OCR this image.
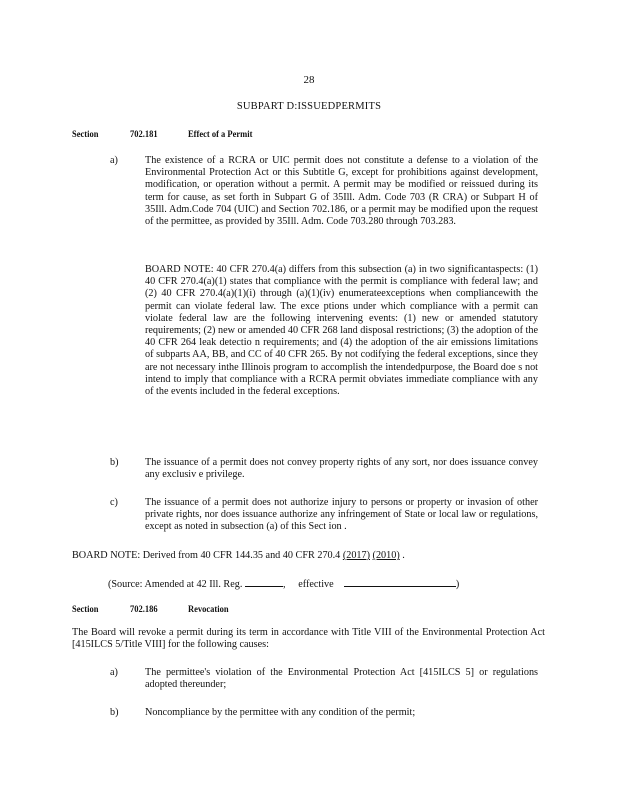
28
SUBPART D:ISSUEDPERMITS
Section	702.181	Effect of a Permit
a)	The existence of a RCRA or UIC permit does not constitute a defense to a violation of the Environmental Protection Act or this Subtitle G, except for prohibitions against development, modification, or operation without a permit. A permit may be modified or reissued during its term for cause, as set forth in Subpart G of 35Ill. Adm. Code 703 (R CRA) or Subpart H of 35Ill. Adm.Code 704 (UIC) and Section 702.186, or a permit may be modified upon the request of the permittee, as provided by 35Ill. Adm. Code 703.280 through 703.283.
BOARD NOTE: 40 CFR 270.4(a) differs from this subsection (a) in two significantaspects: (1) 40 CFR 270.4(a)(1) states that compliance with the permit is compliance with federal law; and (2) 40 CFR 270.4(a)(1)(i) through (a)(1)(iv) enumerateexceptions when compliancewith the permit can violate federal law. The exce ptions under which compliance with a permit can violate federal law are the following intervening events: (1) new or amended statutory requirements; (2) new or amended 40 CFR 268 land disposal restrictions; (3) the adoption of the 40 CFR 264 leak detectio n requirements; and (4) the adoption of the air emissions limitations of subparts AA, BB, and CC of 40 CFR 265. By not codifying the federal exceptions, since they are not necessary inthe Illinois program to accomplish the intendedpurpose, the Board doe s not intend to imply that compliance with a RCRA permit obviates immediate compliance with any of the events included in the federal exceptions.
b)	The issuance of a permit does not convey property rights of any sort, nor does issuance convey any exclusiv e privilege.
c)	The issuance of a permit does not authorize injury to persons or property or invasion of other private rights, nor does issuance authorize any infringement of State or local law or regulations, except as noted in subsection (a) of this Sect ion .
BOARD NOTE: Derived from 40 CFR 144.35 and 40 CFR 270.4 (2017) (2010) .
(Source: Amended at 42 Ill. Reg.	, effective	)
Section	702.186	Revocation
The Board will revoke a permit during its term in accordance with Title VIII of the Environmental Protection Act [415ILCS 5/Title VIII] for the following causes:
a)	The permittee's violation of the Environmental Protection Act [415ILCS 5] or regulations adopted thereunder;
b)	Noncompliance by the permittee with any condition of the permit;
